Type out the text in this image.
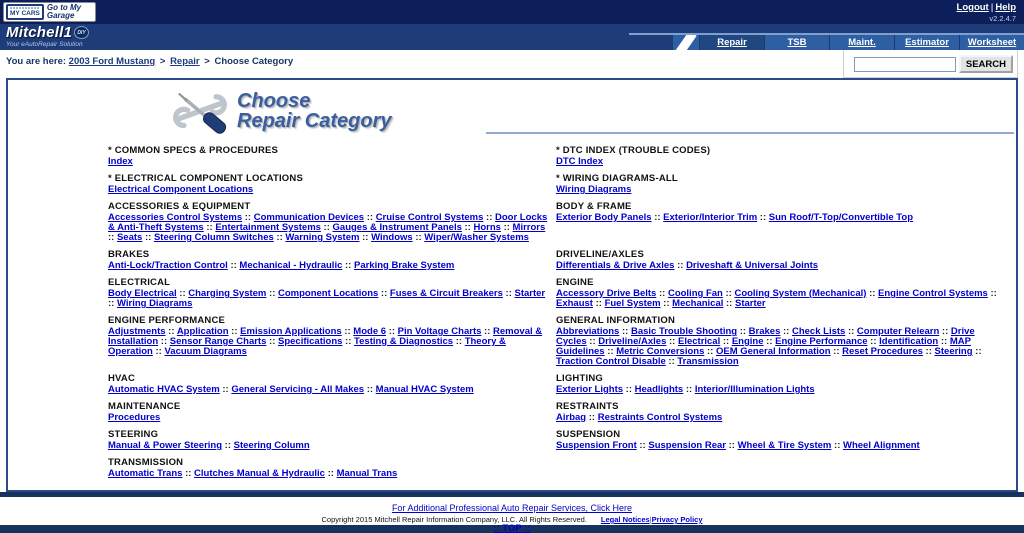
MY CARS
Go to My Garage
Logout | Help
v2.2.4.7
Mitchell1 DIY
Your eAutoRepair Solution	Repair	TSB	Maint.	Estimator	Worksheet
You are here: 2003 Ford Mustang > Repair > Choose Category	SEARCH
Choose
Repair Category
* COMMON SPECS & PROCEDURES
Index
* DTC INDEX (TROUBLE CODES)
DTC Index
* ELECTRICAL COMPONENT LOCATIONS
Electrical Component Locations
* WIRING DIAGRAMS-ALL
Wiring Diagrams
ACCESSORIES & EQUIPMENT
Accessories Control Systems :: Communication Devices :: Cruise Control Systems :: Door Locks & Anti-Theft Systems :: Entertainment Systems :: Gauges & Instrument Panels :: Horns :: Mirrors :: Seats :: Steering Column Switches :: Warning System :: Windows :: Wiper/Washer Systems
BODY & FRAME
Exterior Body Panels :: Exterior/Interior Trim :: Sun Roof/T-Top/Convertible Top
BRAKES
Anti-Lock/Traction Control :: Mechanical - Hydraulic :: Parking Brake System
DRIVELINE/AXLES
Differentials & Drive Axles :: Driveshaft & Universal Joints
ELECTRICAL
Body Electrical :: Charging System :: Component Locations :: Fuses & Circuit Breakers :: Starter :: Wiring Diagrams
ENGINE
Accessory Drive Belts :: Cooling Fan :: Cooling System (Mechanical) :: Engine Control Systems :: Exhaust :: Fuel System :: Mechanical :: Starter
ENGINE PERFORMANCE
Adjustments :: Application :: Emission Applications :: Mode 6 :: Pin Voltage Charts :: Removal & Installation :: Sensor Range Charts :: Specifications :: Testing & Diagnostics :: Theory & Operation :: Vacuum Diagrams
GENERAL INFORMATION
Abbreviations :: Basic Trouble Shooting :: Brakes :: Check Lists :: Computer Relearn :: Drive Cycles :: Driveline/Axles :: Electrical :: Engine :: Engine Performance :: Identification :: MAP Guidelines :: Metric Conversions :: OEM General Information :: Reset Procedures :: Steering :: Traction Control Disable :: Transmission
HVAC
Automatic HVAC System :: General Servicing - All Makes :: Manual HVAC System
LIGHTING
Exterior Lights :: Headlights :: Interior/Illumination Lights
MAINTENANCE
Procedures
RESTRAINTS
Airbag :: Restraints Control Systems
STEERING
Manual & Power Steering :: Steering Column
SUSPENSION
Suspension Front :: Suspension Rear :: Wheel & Tire System :: Wheel Alignment
TRANSMISSION
Automatic Trans :: Clutches Manual & Hydraulic :: Manual Trans
For Additional Professional Auto Repair Services, Click Here
Copyright 2015 Mitchell Repair Information Company, LLC. All Rights Reserved. Legal Notices|Privacy Policy
:: TOP ::
